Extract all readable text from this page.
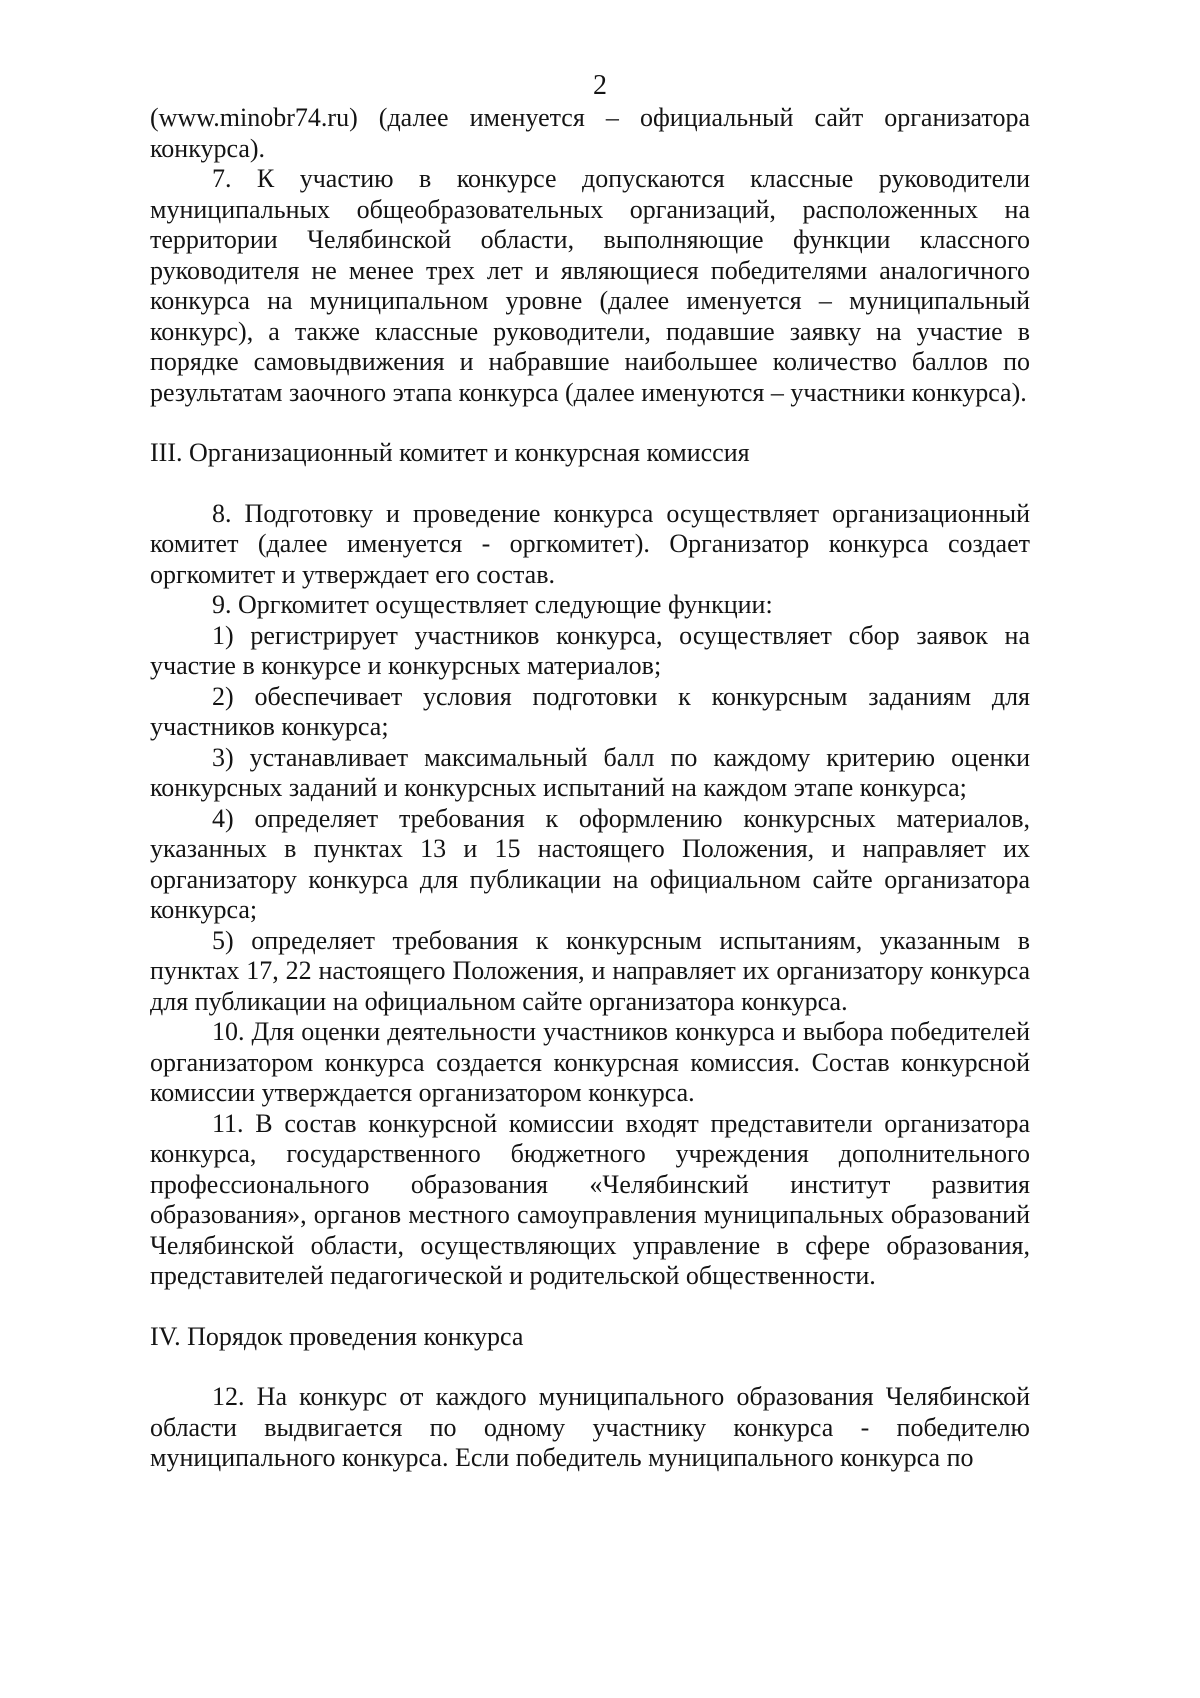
2

(www.minobr74.ru) (далее именуется – официальный сайт организатора конкурса).

7. К участию в конкурсе допускаются классные руководители муниципальных общеобразовательных организаций, расположенных на территории Челябинской области, выполняющие функции классного руководителя не менее трех лет и являющиеся победителями аналогичного конкурса на муниципальном уровне (далее именуется – муниципальный конкурс), а также классные руководители, подавшие заявку на участие в порядке самовыдвижения и набравшие наибольшее количество баллов по результатам заочного этапа конкурса (далее именуются – участники конкурса).

III. Организационный комитет и конкурсная комиссия

8. Подготовку и проведение конкурса осуществляет организационный комитет (далее именуется - оргкомитет). Организатор конкурса создает оргкомитет и утверждает его состав.

9. Оргкомитет осуществляет следующие функции:

1) регистрирует участников конкурса, осуществляет сбор заявок на участие в конкурсе и конкурсных материалов;

2) обеспечивает условия подготовки к конкурсным заданиям для участников конкурса;

3) устанавливает максимальный балл по каждому критерию оценки конкурсных заданий и конкурсных испытаний на каждом этапе конкурса;

4) определяет требования к оформлению конкурсных материалов, указанных в пунктах 13 и 15 настоящего Положения, и направляет их организатору конкурса для публикации на официальном сайте организатора конкурса;

5) определяет требования к конкурсным испытаниям, указанным в пунктах 17, 22 настоящего Положения, и направляет их организатору конкурса для публикации на официальном сайте организатора конкурса.

10. Для оценки деятельности участников конкурса и выбора победителей организатором конкурса создается конкурсная комиссия. Состав конкурсной комиссии утверждается организатором конкурса.

11. В состав конкурсной комиссии входят представители организатора конкурса, государственного бюджетного учреждения дополнительного профессионального образования «Челябинский институт развития образования», органов местного самоуправления муниципальных образований Челябинской области, осуществляющих управление в сфере образования, представителей педагогической и родительской общественности.

IV. Порядок проведения конкурса

12. На конкурс от каждого муниципального образования Челябинской области выдвигается по одному участнику конкурса - победителю муниципального конкурса. Если победитель муниципального конкурса по
